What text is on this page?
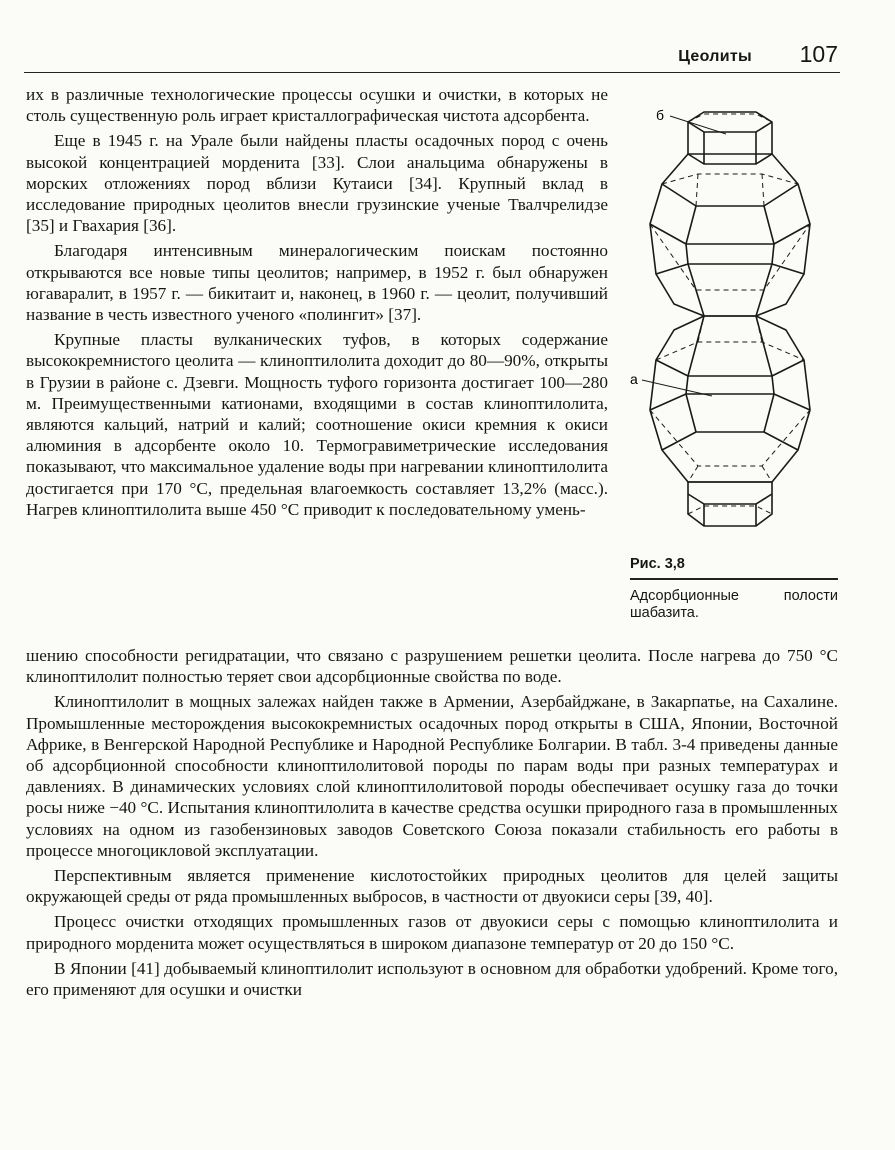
Цеолиты 107

их в различные технологические процессы осушки и очистки, в которых не столь существенную роль играет кристаллографическая чистота адсорбента.

Еще в 1945 г. на Урале были найдены пласты осадочных пород с очень высокой концентрацией морденита [33]. Слои анальцима обнаружены в морских отложениях пород вблизи Кутаиси [34]. Крупный вклад в исследование природных цеолитов внесли грузинские ученые Твалчрелидзе [35] и Гвахария [36].

Благодаря интенсивным минералогическим поискам постоянно открываются все новые типы цеолитов; например, в 1952 г. был обнаружен югаваралит, в 1957 г. — бикитаит и, наконец, в 1960 г. — цеолит, получивший название в честь известного ученого «полингит» [37].

Крупные пласты вулканических туфов, в которых содержание высококремнистого цеолита — клиноптилолита доходит до 80—90%, открыты в Грузии в районе с. Дзевги. Мощность туфого горизонта достигает 100—280 м. Преимущественными катионами, входящими в состав клиноптилолита, являются кальций, натрий и калий; соотношение окиси кремния к окиси алюминия в адсорбенте около 10. Термогравиметрические исследования показывают, что максимальное удаление воды при нагревании клиноптилолита достигается при 170 °С, предельная влагоемкость составляет 13,2% (масс.). Нагрев клиноптилолита выше 450 °С приводит к последовательному умень-

б
а
Рис. 3,8
Адсорбционные полости шабазита.

шению способности регидратации, что связано с разрушением решетки цеолита. После нагрева до 750 °С клиноптилолит полностью теряет свои адсорбционные свойства по воде.

Клиноптилолит в мощных залежах найден также в Армении, Азербайджане, в Закарпатье, на Сахалине. Промышленные месторождения высококремнистых осадочных пород открыты в США, Японии, Восточной Африке, в Венгерской Народной Республике и Народной Республике Болгарии. В табл. 3-4 приведены данные об адсорбционной способности клиноптилолитовой породы по парам воды при разных температурах и давлениях. В динамических условиях слой клиноптилолитовой породы обеспечивает осушку газа до точки росы ниже −40 °С. Испытания клиноптилолита в качестве средства осушки природного газа в промышленных условиях на одном из газобензиновых заводов Советского Союза показали стабильность его работы в процессе многоцикловой эксплуатации.

Перспективным является применение кислотостойких природных цеолитов для целей защиты окружающей среды от ряда промышленных выбросов, в частности от двуокиси серы [39, 40].

Процесс очистки отходящих промышленных газов от двуокиси серы с помощью клиноптилолита и природного морденита может осуществляться в широком диапазоне температур от 20 до 150 °С.

В Японии [41] добываемый клиноптилолит используют в основном для обработки удобрений. Кроме того, его применяют для осушки и очистки
